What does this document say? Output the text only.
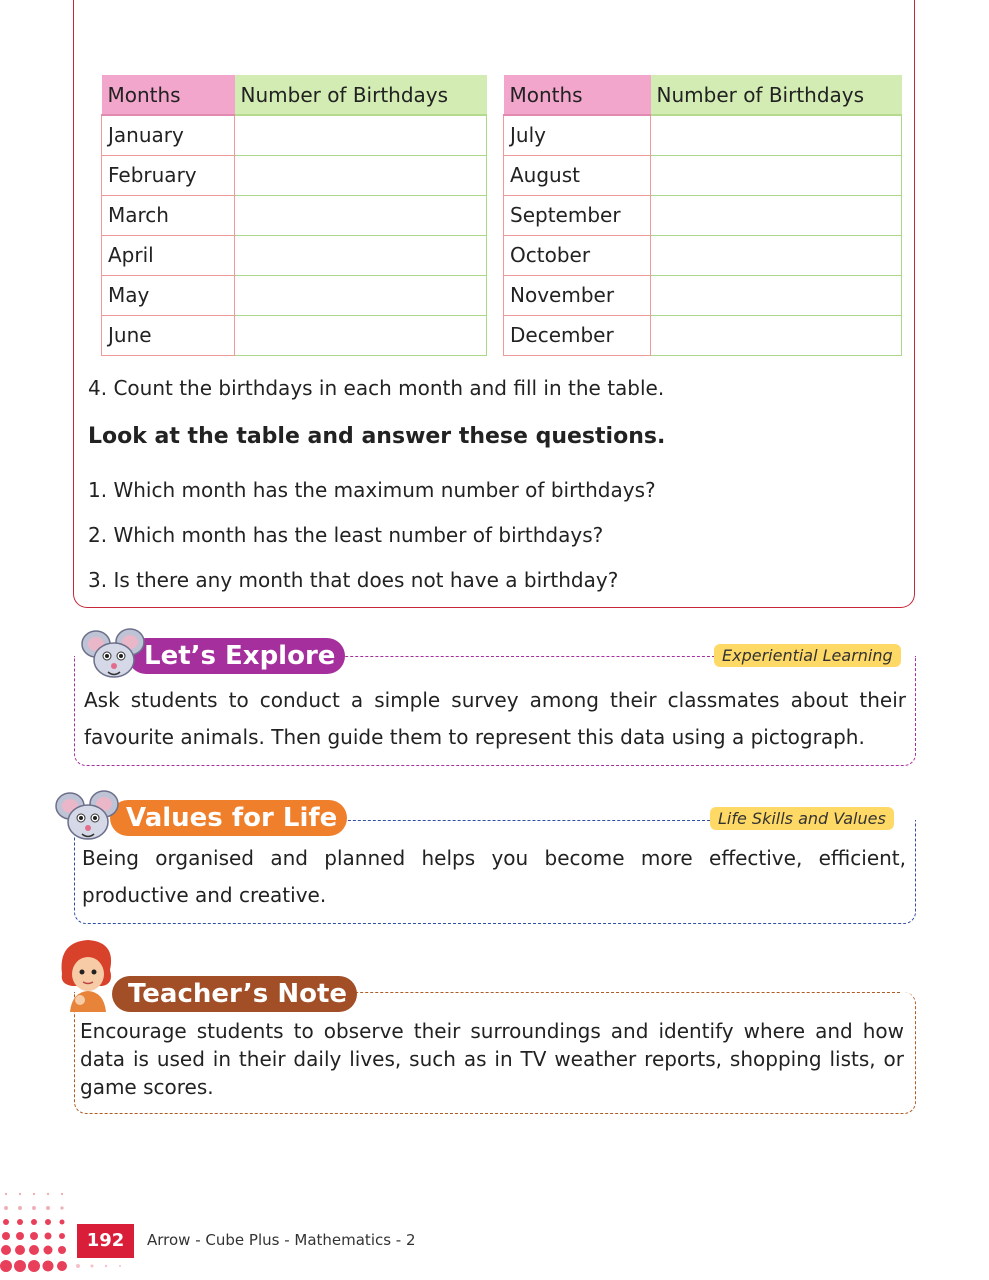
Months	Number of Birthdays
January	
February	
March	
April	
May	
June	
Months	Number of Birthdays
July	
August	
September	
October	
November	
December	
4. Count the birthdays in each month and fill in the table.
Look at the table and answer these questions.
1. Which month has the maximum number of birthdays?
2. Which month has the least number of birthdays?
3. Is there any month that does not have a birthday?
Let’s Explore	Experiential Learning
Ask students to conduct a simple survey among their classmates about their favourite animals. Then guide them to represent this data using a pictograph.
Values for Life	Life Skills and Values
Being organised and planned helps you become more effective, efficient, productive and creative.
Teacher’s Note
Encourage students to observe their surroundings and identify where and how data is used in their daily lives, such as in TV weather reports, shopping lists, or game scores.
192	Arrow - Cube Plus - Mathematics - 2
